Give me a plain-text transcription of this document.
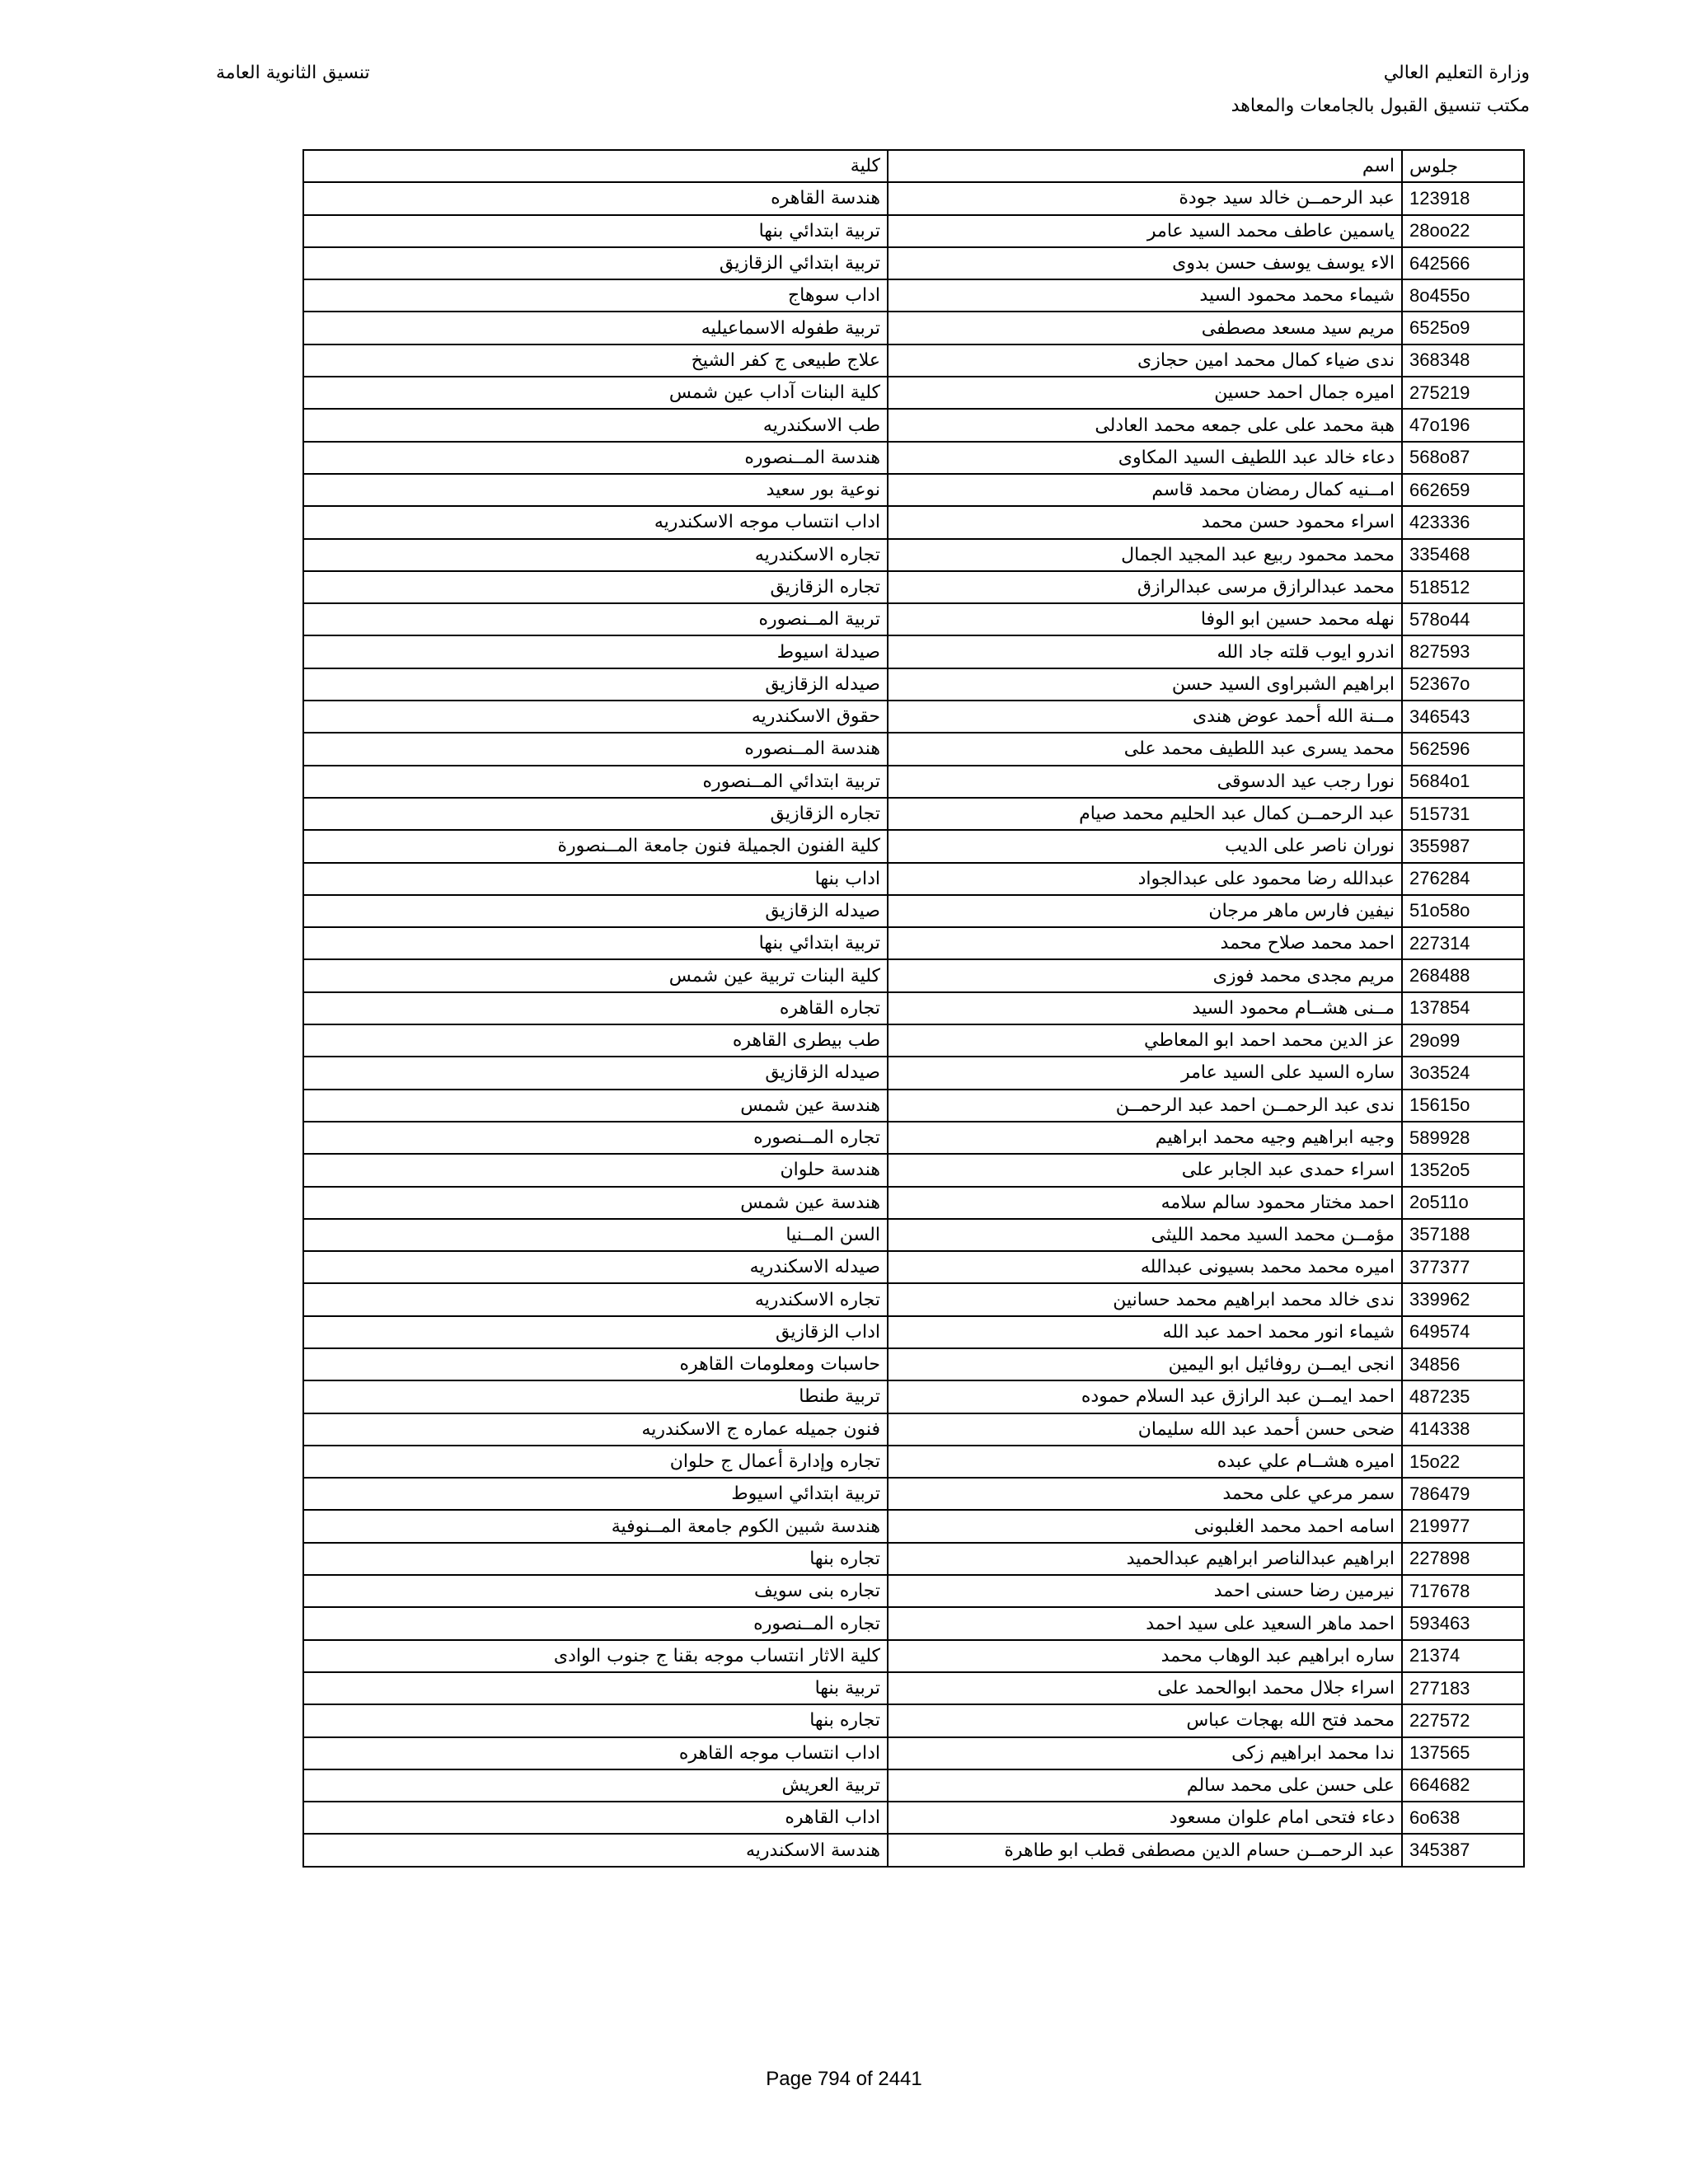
وزارة التعليم العالي
مكتب تنسيق القبول بالجامعات والمعاهد
تنسيق الثانوية العامة
جلوس	اسم	كلية
123918	عبد الرحمــن خالد سيد جودة	هندسة القاهره
28oo22	ياسمين عاطف محمد السيد عامر	تربية ابتدائي بنها
642566	الاء يوسف يوسف حسن بدوى	تربية ابتدائي الزقازيق
8o455o	شيماء محمد محمود السيد	اداب سوهاج
6525o9	مريم سيد مسعد مصطفى	تربية طفوله الاسماعيليه
368348	ندى ضياء كمال محمد امين حجازى	علاج طبيعى ج كفر الشيخ
275219	اميره جمال احمد حسين	كلية البنات آداب عين شمس
47o196	هبة محمد على على جمعه محمد العادلى	طب الاسكندريه
568o87	دعاء خالد عبد اللطيف السيد المكاوى	هندسة المــنصوره
662659	امــنيه كمال رمضان محمد قاسم	نوعية بور سعيد
423336	اسراء محمود حسن محمد	اداب انتساب موجه الاسكندريه
335468	محمد محمود ربيع عبد المجيد الجمال	تجاره الاسكندريه
518512	محمد عبدالرازق مرسى عبدالرازق	تجاره الزقازيق
578o44	نهله محمد حسين ابو الوفا	تربية المــنصوره
827593	اندرو ايوب قلته جاد الله	صيدلة اسيوط
52367o	ابراهيم الشبراوى السيد حسن	صيدله الزقازيق
346543	مــنة الله أحمد عوض هندى	حقوق الاسكندريه
562596	محمد يسرى عبد اللطيف محمد على	هندسة المــنصوره
5684o1	نورا رجب عيد الدسوقى	تربية ابتدائي المــنصوره
515731	عبد الرحمــن كمال عبد الحليم محمد صيام	تجاره الزقازيق
355987	نوران ناصر على الديب	كلية الفنون الجميلة فنون جامعة المــنصورة
276284	عبدالله رضا محمود على عبدالجواد	اداب بنها
51o58o	نيفين فارس ماهر مرجان	صيدله الزقازيق
227314	احمد محمد صلاح محمد	تربية ابتدائي بنها
268488	مريم مجدى محمد فوزى	كلية البنات تربية عين شمس
137854	مــنى هشــام محمود السيد	تجاره القاهره
29o99	عز الدين محمد احمد ابو المعاطي	طب بيطرى القاهره
3o3524	ساره السيد على السيد عامر	صيدله الزقازيق
15615o	ندى عبد الرحمــن احمد عبد الرحمــن	هندسة عين شمس
589928	وجيه ابراهيم وجيه محمد ابراهيم	تجاره المــنصوره
1352o5	اسراء حمدى عبد الجابر على	هندسة حلوان
2o511o	احمد مختار محمود سالم سلامه	هندسة عين شمس
357188	مؤمــن محمد السيد محمد الليثى	السن المــنيا
377377	اميره محمد محمد بسيونى عبدالله	صيدله الاسكندريه
339962	ندى خالد محمد ابراهيم محمد حسانين	تجاره الاسكندريه
649574	شيماء انور محمد احمد عبد الله	اداب الزقازيق
34856	انجى ايمــن روفائيل ابو اليمين	حاسبات ومعلومات القاهره
487235	احمد ايمــن عبد الرازق عبد السلام حموده	تربية طنطا
414338	ضحى حسن أحمد عبد الله سليمان	فنون جميله عماره ج الاسكندريه
15o22	اميره هشــام علي عبده	تجاره وإدارة أعمال ج حلوان
786479	سمر مرعي على محمد	تربية ابتدائي اسيوط
219977	اسامه احمد محمد الغلبونى	هندسة شبين الكوم جامعة المــنوفية
227898	ابراهيم عبدالناصر ابراهيم عبدالحميد	تجاره بنها
717678	نيرمين رضا حسنى احمد	تجاره بنى سويف
593463	احمد ماهر السعيد على سيد احمد	تجاره المــنصوره
21374	ساره ابراهيم عبد الوهاب محمد	كلية الاثار انتساب موجه بقنا ج جنوب الوادى
277183	اسراء جلال محمد ابوالحمد على	تربية بنها
227572	محمد فتح الله بهجات عباس	تجاره بنها
137565	ندا محمد ابراهيم زكى	اداب انتساب موجه القاهره
664682	على حسن على محمد سالم	تربية العريش
6o638	دعاء فتحى امام علوان مسعود	اداب القاهره
345387	عبد الرحمــن حسام الدين مصطفى قطب ابو طاهرة	هندسة الاسكندريه
Page 794 of 2441
